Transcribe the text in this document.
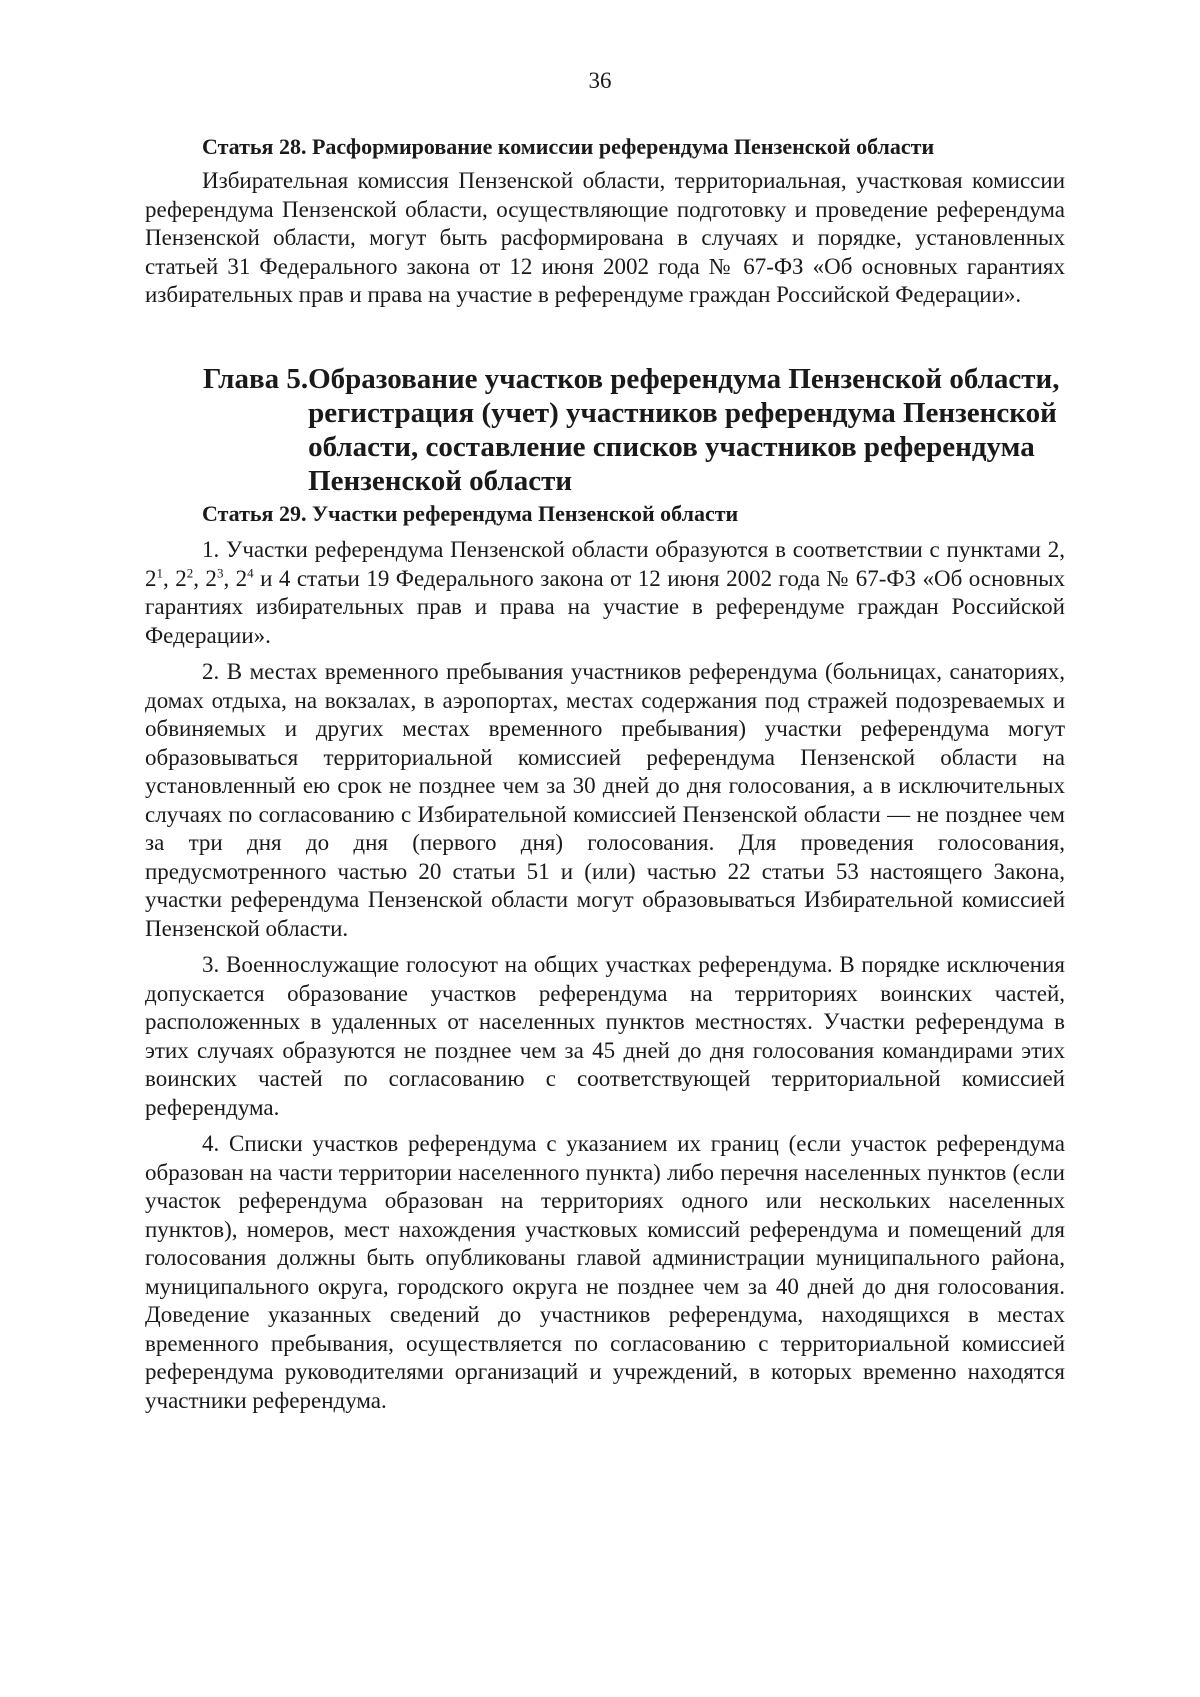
36

Статья 28. Расформирование комиссии референдума Пензенской области

Избирательная комиссия Пензенской области, территориальная, участковая комиссии референдума Пензенской области, осуществляющие подготовку и проведение референдума Пензенской области, могут быть расформирована в случаях и порядке, установленных статьей 31 Федерального закона от 12 июня 2002 года № 67-ФЗ «Об основных гарантиях избирательных прав и права на участие в референдуме граждан Российской Федерации».

Глава 5. Образование участков референдума Пензенской области, регистрация (учет) участников референдума Пензенской области, составление списков участников референдума Пензенской области

Статья 29. Участки референдума Пензенской области

1. Участки референдума Пензенской области образуются в соответствии с пунктами 2, $2^1$, $2^2$, $2^3$, $2^4$ и 4 статьи 19 Федерального закона от 12 июня 2002 года № 67-ФЗ «Об основных гарантиях избирательных прав и права на участие в референдуме граждан Российской Федерации».

2. В местах временного пребывания участников референдума (больницах, санаториях, домах отдыха, на вокзалах, в аэропортах, местах содержания под стражей подозреваемых и обвиняемых и других местах временного пребывания) участки референдума могут образовываться территориальной комиссией референдума Пензенской области на установленный ею срок не позднее чем за 30 дней до дня голосования, а в исключительных случаях по согласованию с Избирательной комиссией Пензенской области — не позднее чем за три дня до дня (первого дня) голосования. Для проведения голосования, предусмотренного частью 20 статьи 51 и (или) частью 22 статьи 53 настоящего Закона, участки референдума Пензенской области могут образовываться Избирательной комиссией Пензенской области.

3. Военнослужащие голосуют на общих участках референдума. В порядке исключения допускается образование участков референдума на территориях воинских частей, расположенных в удаленных от населенных пунктов местностях. Участки референдума в этих случаях образуются не позднее чем за 45 дней до дня голосования командирами этих воинских частей по согласованию с соответствующей территориальной комиссией референдума.

4. Списки участков референдума с указанием их границ (если участок референдума образован на части территории населенного пункта) либо перечня населенных пунктов (если участок референдума образован на территориях одного или нескольких населенных пунктов), номеров, мест нахождения участковых комиссий референдума и помещений для голосования должны быть опубликованы главой администрации муниципального района, муниципального округа, городского округа не позднее чем за 40 дней до дня голосования. Доведение указанных сведений до участников референдума, находящихся в местах временного пребывания, осуществляется по согласованию с территориальной комиссией референдума руководителями организаций и учреждений, в которых временно находятся участники референдума.
